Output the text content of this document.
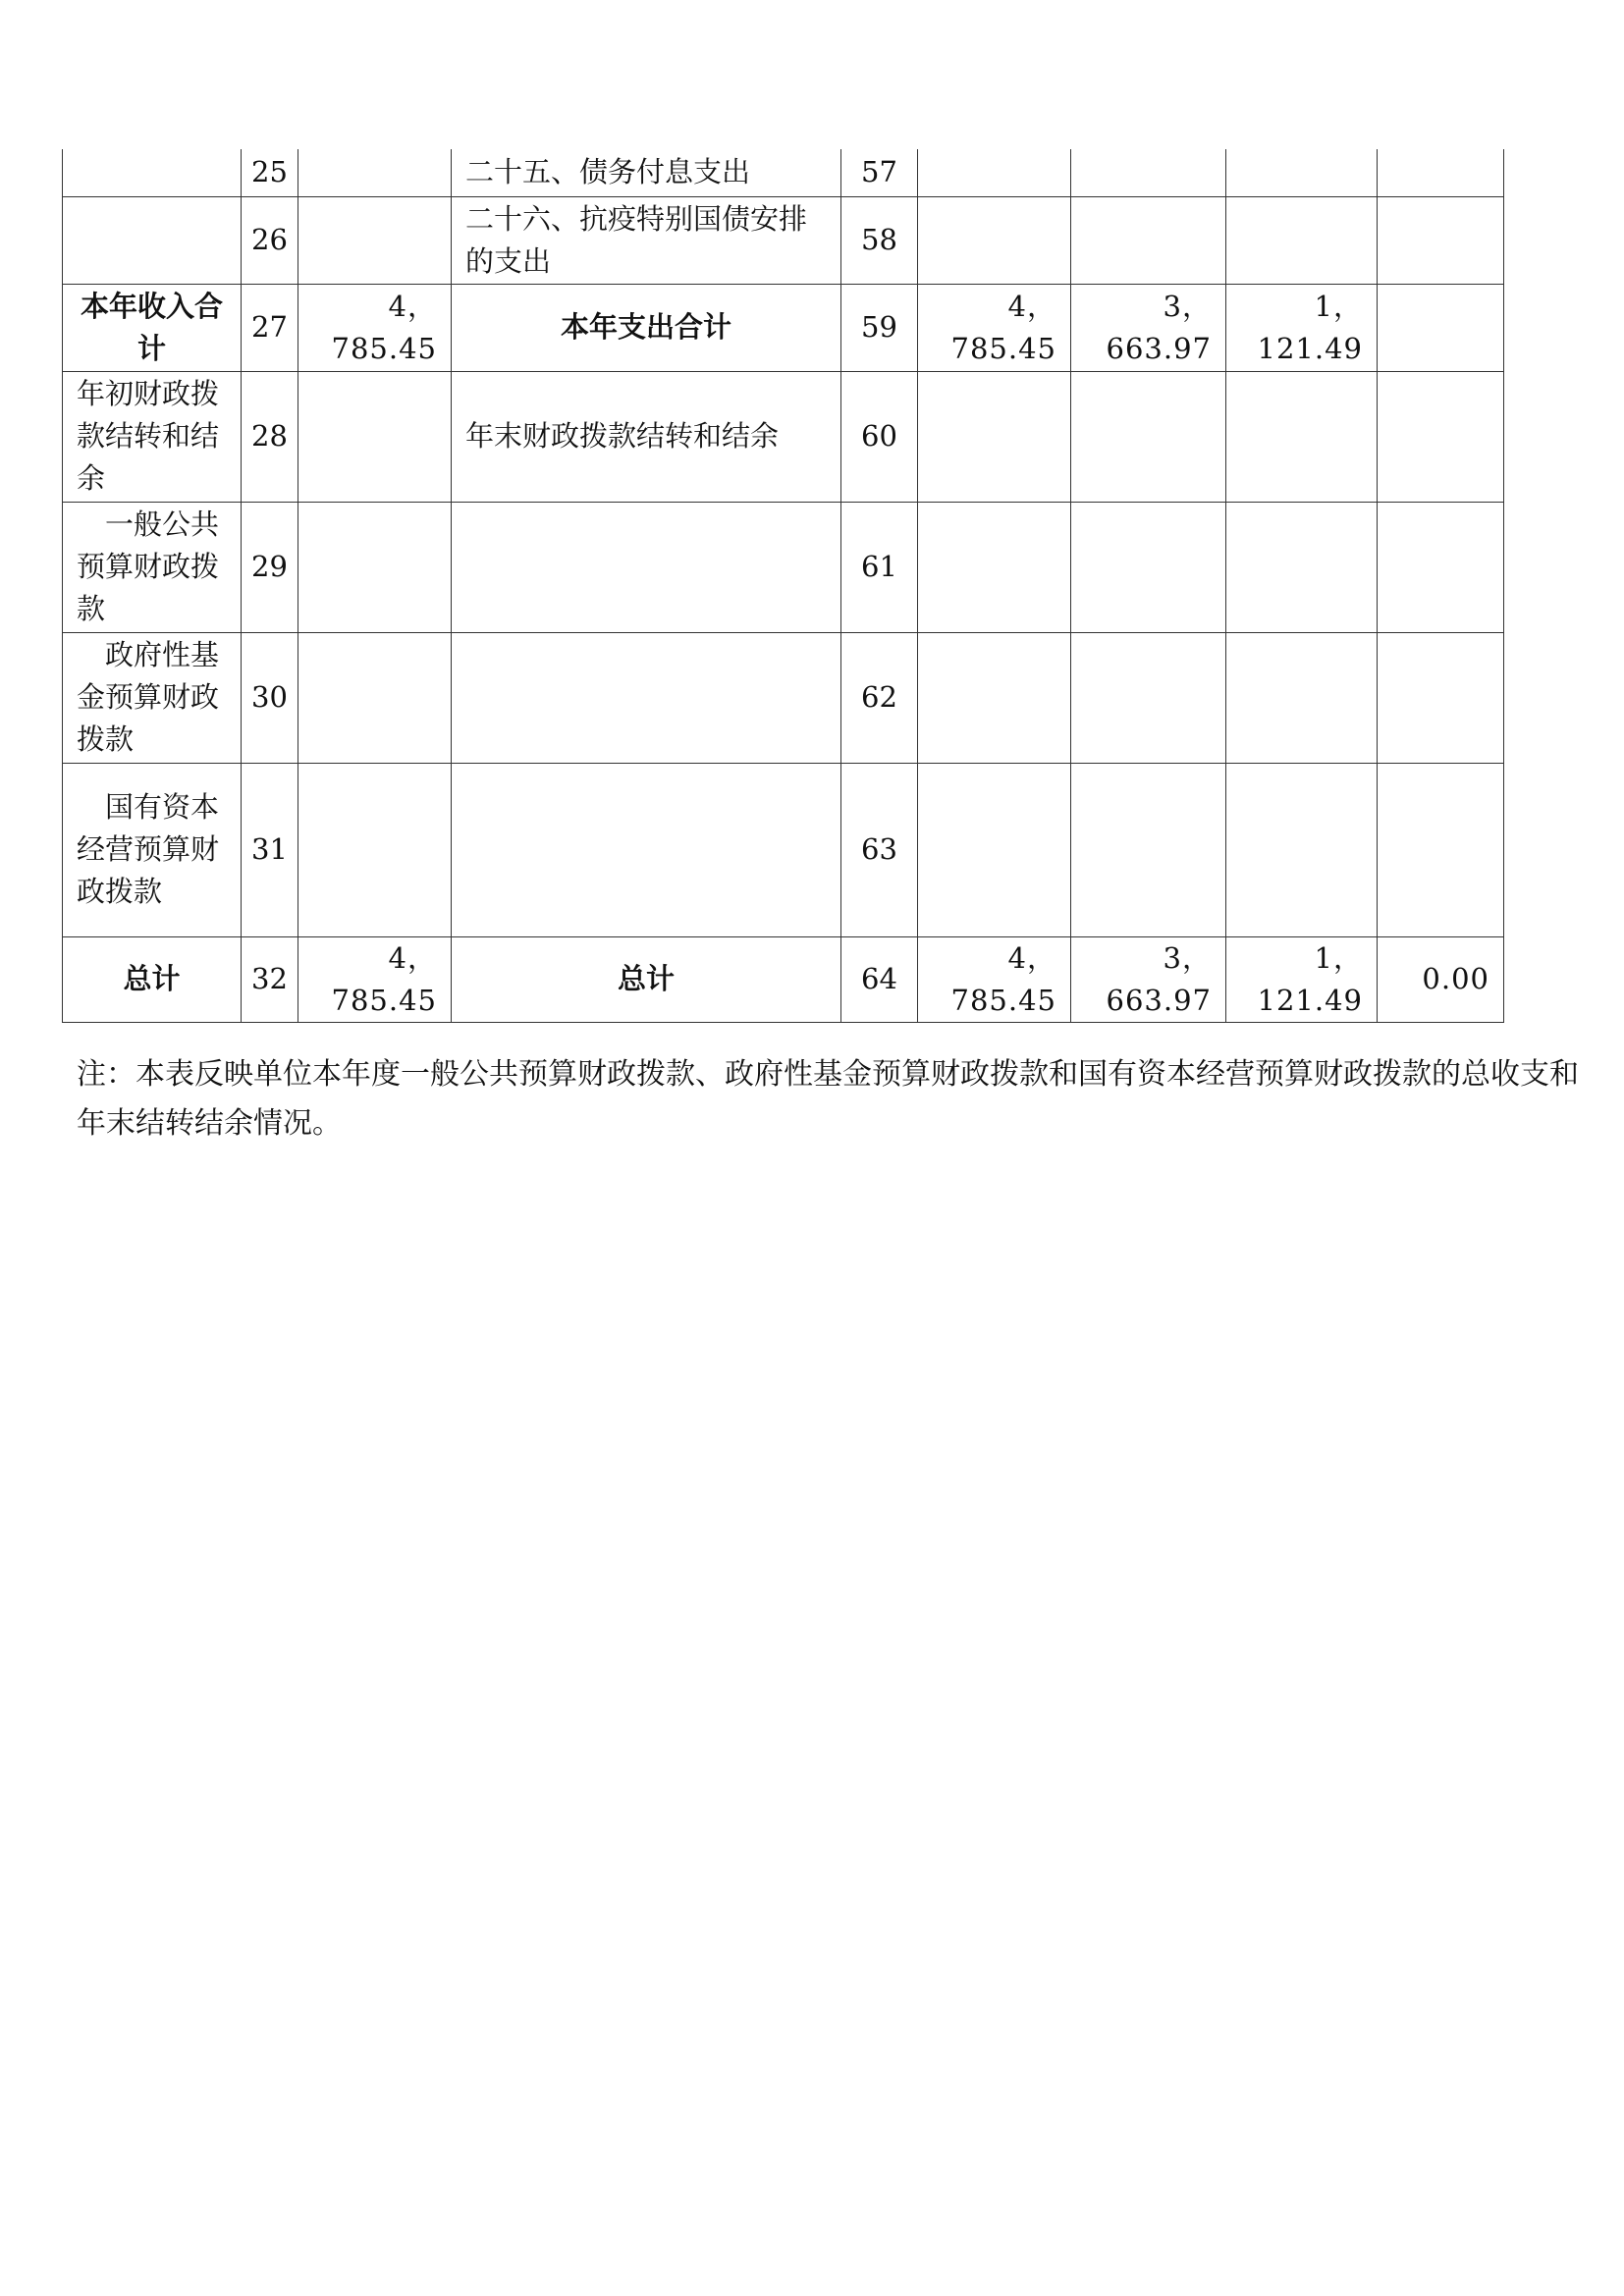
	25		二十五、债务付息支出	57				
	26		二十六、抗疫特别国债安排的支出	58				
本年收入合计	27	4，785.45	本年支出合计	59	4，785.45	3，663.97	1，121.49	
年初财政拨款结转和结余	28		年末财政拨款结转和结余	60				
一般公共预算财政拨款	29			61				
政府性基金预算财政拨款	30			62				
国有资本经营预算财政拨款	31			63				
总计	32	4，785.45	总计	64	4，785.45	3，663.97	1，121.49	0.00

注：本表反映单位本年度一般公共预算财政拨款、政府性基金预算财政拨款和国有资本经营预算财政拨款的总收支和年末结转结余情况。
